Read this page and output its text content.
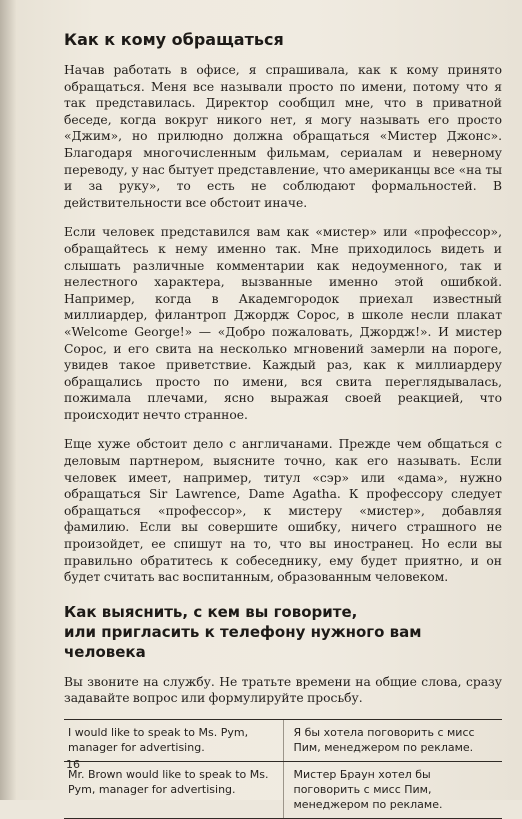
Как к кому обращаться

Начав работать в офисе, я спрашивала, как к кому принято обращаться. Меня все называли просто по имени, потому что я так представилась. Директор сообщил мне, что в приватной беседе, когда вокруг никого нет, я могу называть его просто «Джим», но прилюдно должна обращаться «Мистер Джонс». Благодаря многочисленным фильмам, сериалам и неверному переводу, у нас бытует представление, что американцы все «на ты и за руку», то есть не соблюдают формальностей. В действительности все обстоит иначе.

Если человек представился вам как «мистер» или «профессор», обращайтесь к нему именно так. Мне приходилось видеть и слышать различные комментарии как недоуменного, так и нелестного характера, вызванные именно этой ошибкой. Например, когда в Академгородок приехал известный миллиардер, филантроп Джордж Сорос, в школе несли плакат «Welcome George!» — «Добро пожаловать, Джордж!». И мистер Сорос, и его свита на несколько мгновений замерли на пороге, увидев такое приветствие. Каждый раз, как к миллиардеру обращались просто по имени, вся свита переглядывалась, пожимала плечами, ясно выражая своей реакцией, что происходит нечто странное.

Еще хуже обстоит дело с англичанами. Прежде чем общаться с деловым партнером, выясните точно, как его называть. Если человек имеет, например, титул «сэр» или «дама», нужно обращаться Sir Lawrence, Dame Agatha. К профессору следует обращаться «профессор», к мистеру «мистер», добавляя фамилию. Если вы совершите ошибку, ничего страшного не произойдет, ее спишут на то, что вы иностранец. Но если вы правильно обратитесь к собеседнику, ему будет приятно, и он будет считать вас воспитанным, образованным человеком.

Как выяснить, с кем вы говорите,
или пригласить к телефону нужного вам человека

Вы звоните на службу. Не тратьте времени на общие слова, сразу задавайте вопрос или формулируйте просьбу.

I would like to speak to Ms. Pym, manager for advertising.	Я бы хотела поговорить с мисс Пим, менеджером по рекламе.
Mr. Brown would like to speak to Ms. Pym, manager for advertising.	Мистер Браун хотел бы поговорить с мисс Пим, менеджером по рекламе.
16
